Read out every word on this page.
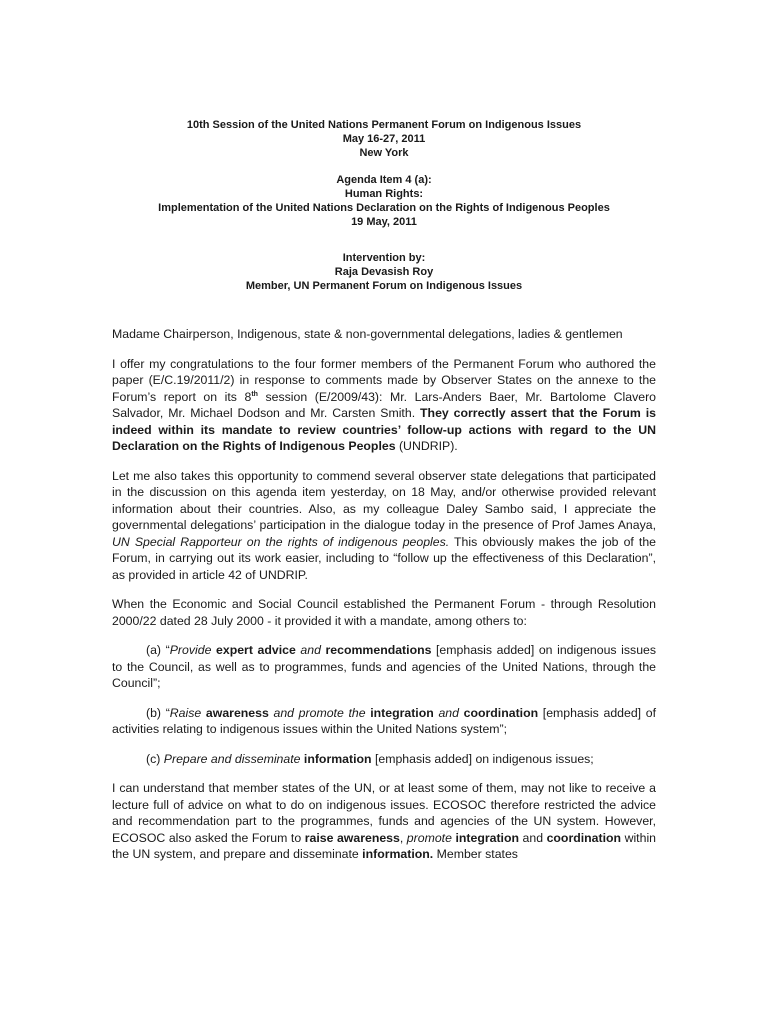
10th Session of the United Nations Permanent Forum on Indigenous Issues
May 16-27, 2011
New York
Agenda Item 4 (a):
Human Rights:
Implementation of the United Nations Declaration on the Rights of Indigenous Peoples
19 May, 2011
Intervention by:
Raja Devasish Roy
Member, UN Permanent Forum on Indigenous Issues
Madame Chairperson, Indigenous, state & non-governmental delegations, ladies & gentlemen

I offer my congratulations to the four former members of the Permanent Forum who authored the paper (E/C.19/2011/2) in response to comments made by Observer States on the annexe to the Forum’s report on its 8th session (E/2009/43): Mr. Lars-Anders Baer, Mr. Bartolome Clavero Salvador, Mr. Michael Dodson and Mr. Carsten Smith. They correctly assert that the Forum is indeed within its mandate to review countries’ follow-up actions with regard to the UN Declaration on the Rights of Indigenous Peoples (UNDRIP).

Let me also takes this opportunity to commend several observer state delegations that participated in the discussion on this agenda item yesterday, on 18 May, and/or otherwise provided relevant information about their countries. Also, as my colleague Daley Sambo said, I appreciate the governmental delegations’ participation in the dialogue today in the presence of Prof James Anaya, UN Special Rapporteur on the rights of indigenous peoples. This obviously makes the job of the Forum, in carrying out its work easier, including to “follow up the effectiveness of this Declaration”, as provided in article 42 of UNDRIP.

When the Economic and Social Council established the Permanent Forum - through Resolution 2000/22 dated 28 July 2000 - it provided it with a mandate, among others to:

(a) “Provide expert advice and recommendations [emphasis added] on indigenous issues to the Council, as well as to programmes, funds and agencies of the United Nations, through the Council”;

(b) “Raise awareness and promote the integration and coordination [emphasis added] of activities relating to indigenous issues within the United Nations system”;

(c) Prepare and disseminate information [emphasis added] on indigenous issues;

I can understand that member states of the UN, or at least some of them, may not like to receive a lecture full of advice on what to do on indigenous issues. ECOSOC therefore restricted the advice and recommendation part to the programmes, funds and agencies of the UN system. However, ECOSOC also asked the Forum to raise awareness, promote integration and coordination within the UN system, and prepare and disseminate information. Member states
